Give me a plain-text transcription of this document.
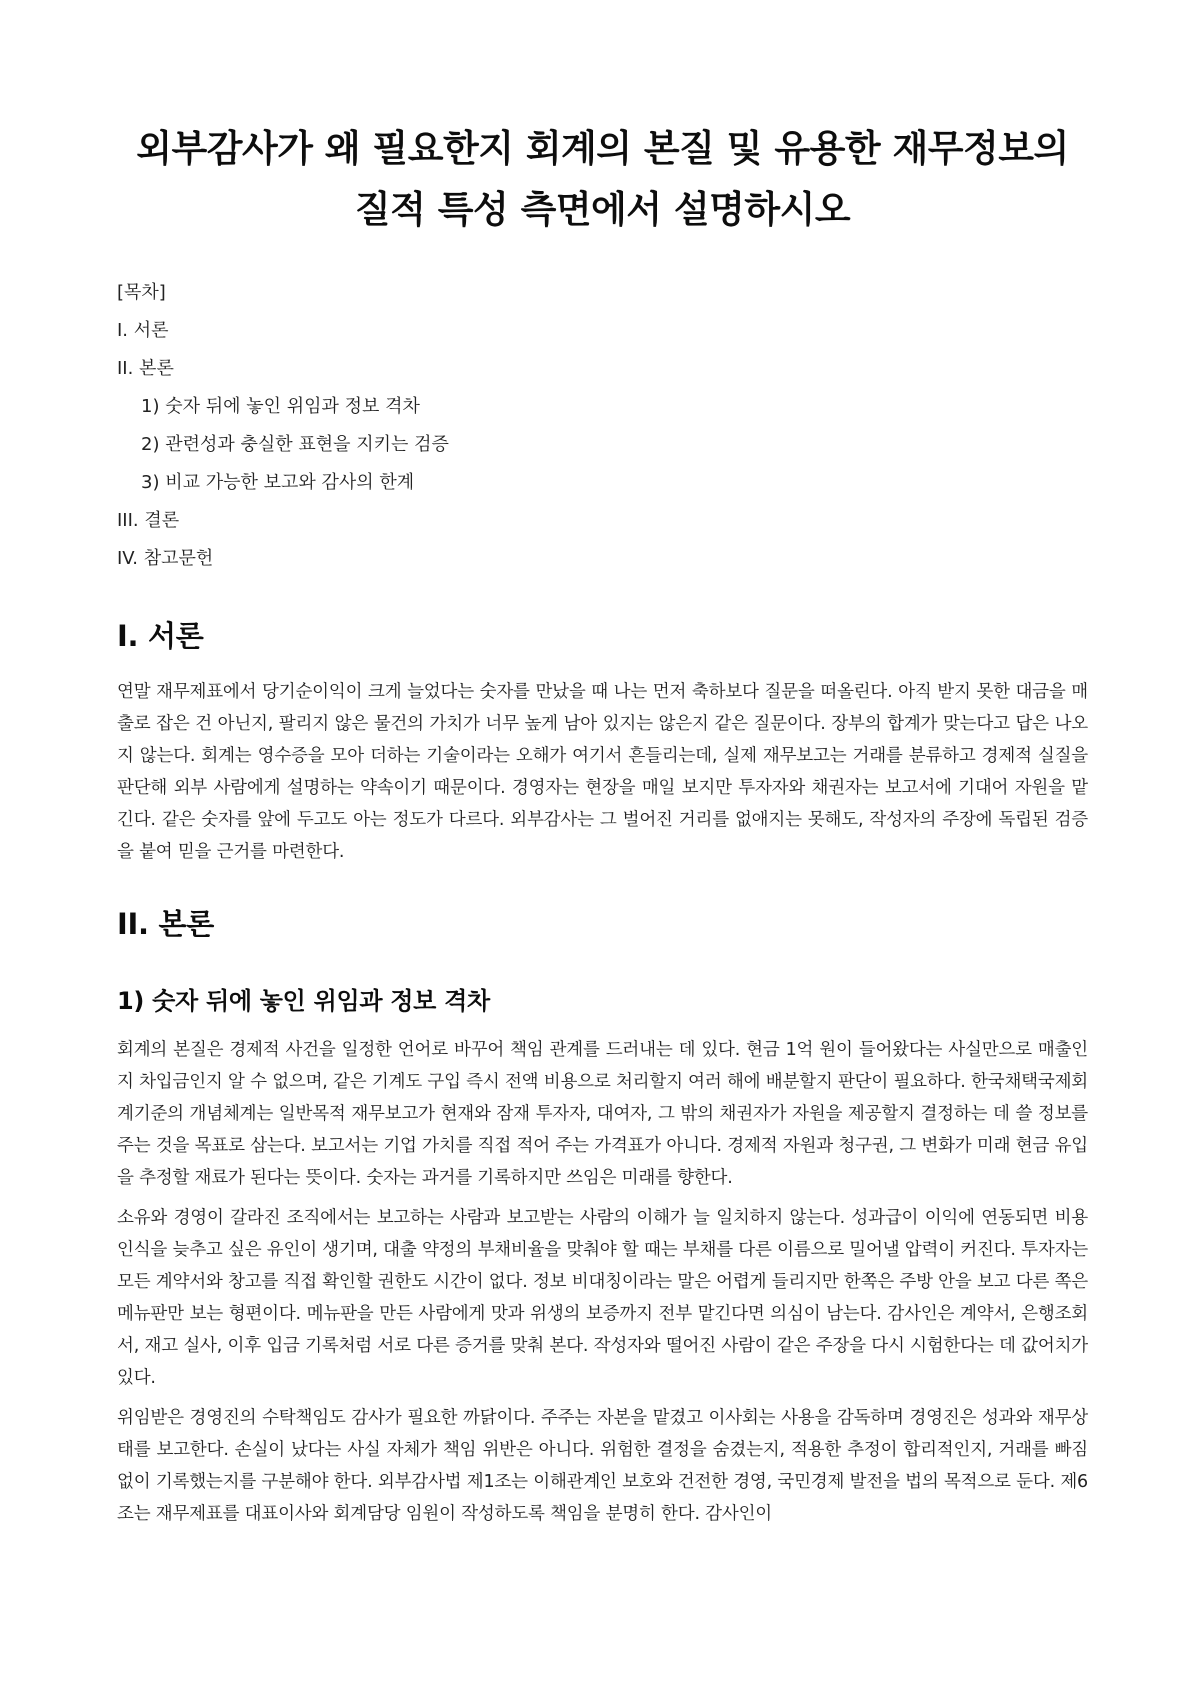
외부감사가 왜 필요한지 회계의 본질 및 유용한 재무정보의 질적 특성 측면에서 설명하시오
[목차]
I. 서론
II. 본론
1) 숫자 뒤에 놓인 위임과 정보 격차
2) 관련성과 충실한 표현을 지키는 검증
3) 비교 가능한 보고와 감사의 한계
III. 결론
IV. 참고문헌
I. 서론

연말 재무제표에서 당기순이익이 크게 늘었다는 숫자를 만났을 때 나는 먼저 축하보다 질문을 떠올린다. 아직 받지 못한 대금을 매출로 잡은 건 아닌지, 팔리지 않은 물건의 가치가 너무 높게 남아 있지는 않은지 같은 질문이다. 장부의 합계가 맞는다고 답은 나오지 않는다. 회계는 영수증을 모아 더하는 기술이라는 오해가 여기서 흔들리는데, 실제 재무보고는 거래를 분류하고 경제적 실질을 판단해 외부 사람에게 설명하는 약속이기 때문이다. 경영자는 현장을 매일 보지만 투자자와 채권자는 보고서에 기대어 자원을 맡긴다. 같은 숫자를 앞에 두고도 아는 정도가 다르다. 외부감사는 그 벌어진 거리를 없애지는 못해도, 작성자의 주장에 독립된 검증을 붙여 믿을 근거를 마련한다.

II. 본론
1) 숫자 뒤에 놓인 위임과 정보 격차

회계의 본질은 경제적 사건을 일정한 언어로 바꾸어 책임 관계를 드러내는 데 있다. 현금 1억 원이 들어왔다는 사실만으로 매출인지 차입금인지 알 수 없으며, 같은 기계도 구입 즉시 전액 비용으로 처리할지 여러 해에 배분할지 판단이 필요하다. 한국채택국제회계기준의 개념체계는 일반목적 재무보고가 현재와 잠재 투자자, 대여자, 그 밖의 채권자가 자원을 제공할지 결정하는 데 쓸 정보를 주는 것을 목표로 삼는다. 보고서는 기업 가치를 직접 적어 주는 가격표가 아니다. 경제적 자원과 청구권, 그 변화가 미래 현금 유입을 추정할 재료가 된다는 뜻이다. 숫자는 과거를 기록하지만 쓰임은 미래를 향한다.

소유와 경영이 갈라진 조직에서는 보고하는 사람과 보고받는 사람의 이해가 늘 일치하지 않는다. 성과급이 이익에 연동되면 비용 인식을 늦추고 싶은 유인이 생기며, 대출 약정의 부채비율을 맞춰야 할 때는 부채를 다른 이름으로 밀어낼 압력이 커진다. 투자자는 모든 계약서와 창고를 직접 확인할 권한도 시간이 없다. 정보 비대칭이라는 말은 어렵게 들리지만 한쪽은 주방 안을 보고 다른 쪽은 메뉴판만 보는 형편이다. 메뉴판을 만든 사람에게 맛과 위생의 보증까지 전부 맡긴다면 의심이 남는다. 감사인은 계약서, 은행조회서, 재고 실사, 이후 입금 기록처럼 서로 다른 증거를 맞춰 본다. 작성자와 떨어진 사람이 같은 주장을 다시 시험한다는 데 값어치가 있다.

위임받은 경영진의 수탁책임도 감사가 필요한 까닭이다. 주주는 자본을 맡겼고 이사회는 사용을 감독하며 경영진은 성과와 재무상태를 보고한다. 손실이 났다는 사실 자체가 책임 위반은 아니다. 위험한 결정을 숨겼는지, 적용한 추정이 합리적인지, 거래를 빠짐없이 기록했는지를 구분해야 한다. 외부감사법 제1조는 이해관계인 보호와 건전한 경영, 국민경제 발전을 법의 목적으로 둔다. 제6조는 재무제표를 대표이사와 회계담당 임원이 작성하도록 책임을 분명히 한다. 감사인이
